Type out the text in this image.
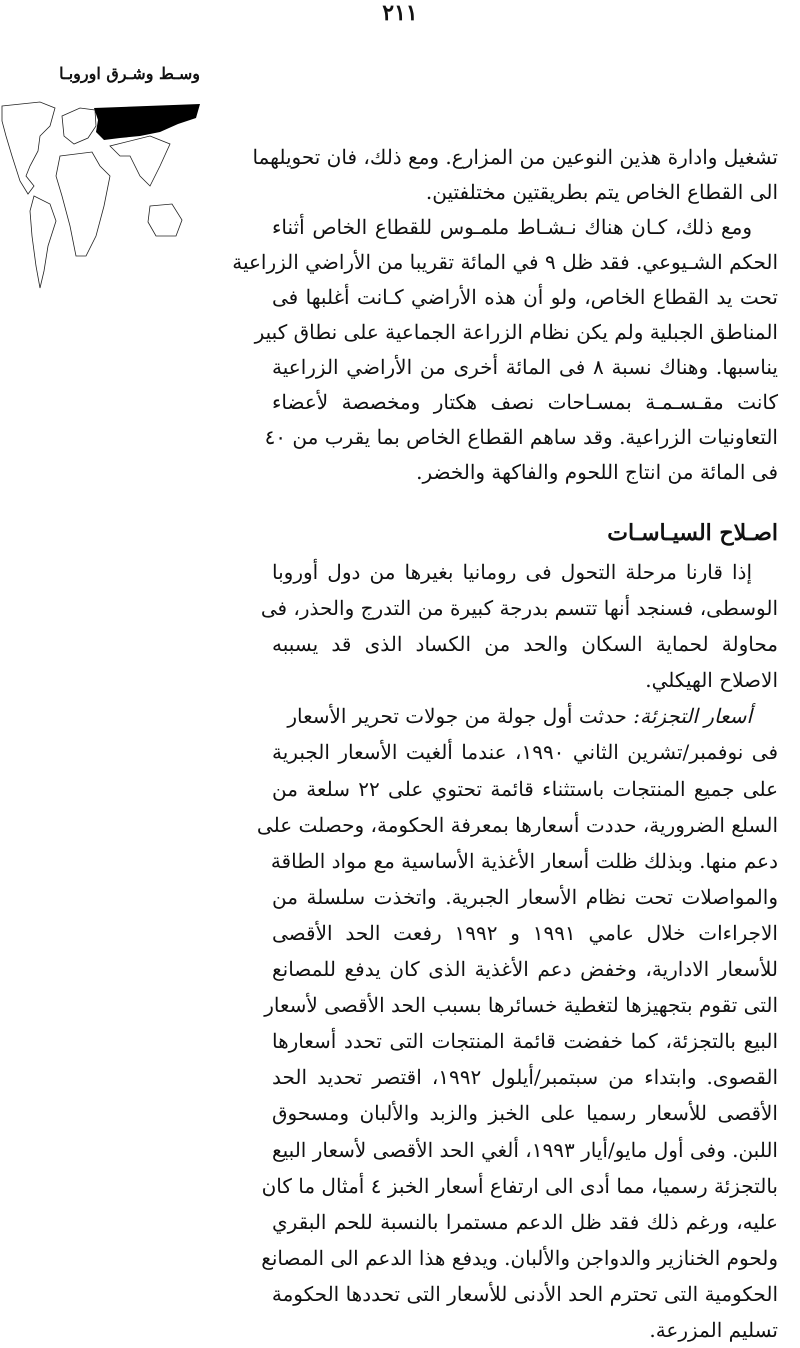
٢١١
وسـط وشـرق اوروبـا
تشغيل وادارة هذين النوعين من المزارع. ومع ذلك، فان تحويلهما
الى القطاع الخاص يتم بطريقتين مختلفتين.
ومع ذلك، كـان هناك نـشـاط ملمـوس للقطاع الخاص أثناء
الحكم الشـيوعي. فقد ظل ٩ في المائة تقريبا من الأراضي الزراعية
تحت يد القطاع الخاص، ولو أن هذه الأراضي كـانت أغلبها فى
المناطق الجبلية ولم يكن نظام الزراعة الجماعية على نطاق كبير
يناسبها. وهناك نسبة ٨ فى المائة أخرى من الأراضي الزراعية
كانت مقـسـمـة بمسـاحات نصف هكتار ومخصصة لأعضاء
التعاونيات الزراعية. وقد ساهم القطاع الخاص بما يقرب من ٤٠
فى المائة من انتاج اللحوم والفاكهة والخضر.
اصـلاح السيـاسـات
إذا قارنا مرحلة التحول فى رومانيا بغيرها من دول أوروبا
الوسطى، فسنجد أنها تتسم بدرجة كبيرة من التدرج والحذر، فى
محاولة لحماية السكان والحد من الكساد الذى قد يسببه
الاصلاح الهيكلي.
أسعار التجزئة: حدثت أول جولة من جولات تحرير الأسعار
فى نوفمبر/تشرين الثاني ١٩٩٠، عندما ألغيت الأسعار الجبرية
على جميع المنتجات باستثناء قائمة تحتوي على ٢٢ سلعة من
السلع الضرورية، حددت أسعارها بمعرفة الحكومة، وحصلت على
دعم منها. وبذلك ظلت أسعار الأغذية الأساسية مع مواد الطاقة
والمواصلات تحت نظام الأسعار الجبرية. واتخذت سلسلة من
الاجراءات خلال عامي ١٩٩١ و ١٩٩٢ رفعت الحد الأقصى
للأسعار الادارية، وخفض دعم الأغذية الذى كان يدفع للمصانع
التى تقوم بتجهيزها لتغطية خسائرها بسبب الحد الأقصى لأسعار
البيع بالتجزئة، كما خفضت قائمة المنتجات التى تحدد أسعارها
القصوى. وابتداء من سبتمبر/أيلول ١٩٩٢، اقتصر تحديد الحد
الأقصى للأسعار رسميا على الخبز والزبد والألبان ومسحوق
اللبن. وفى أول مايو/أيار ١٩٩٣، ألغي الحد الأقصى لأسعار البيع
بالتجزئة رسميا، مما أدى الى ارتفاع أسعار الخبز ٤ أمثال ما كان
عليه، ورغم ذلك فقد ظل الدعم مستمرا بالنسبة للحم البقري
ولحوم الخنازير والدواجن والألبان. ويدفع هذا الدعم الى المصانع
الحكومية التى تحترم الحد الأدنى للأسعار التى تحددها الحكومة
تسليم المزرعة.
